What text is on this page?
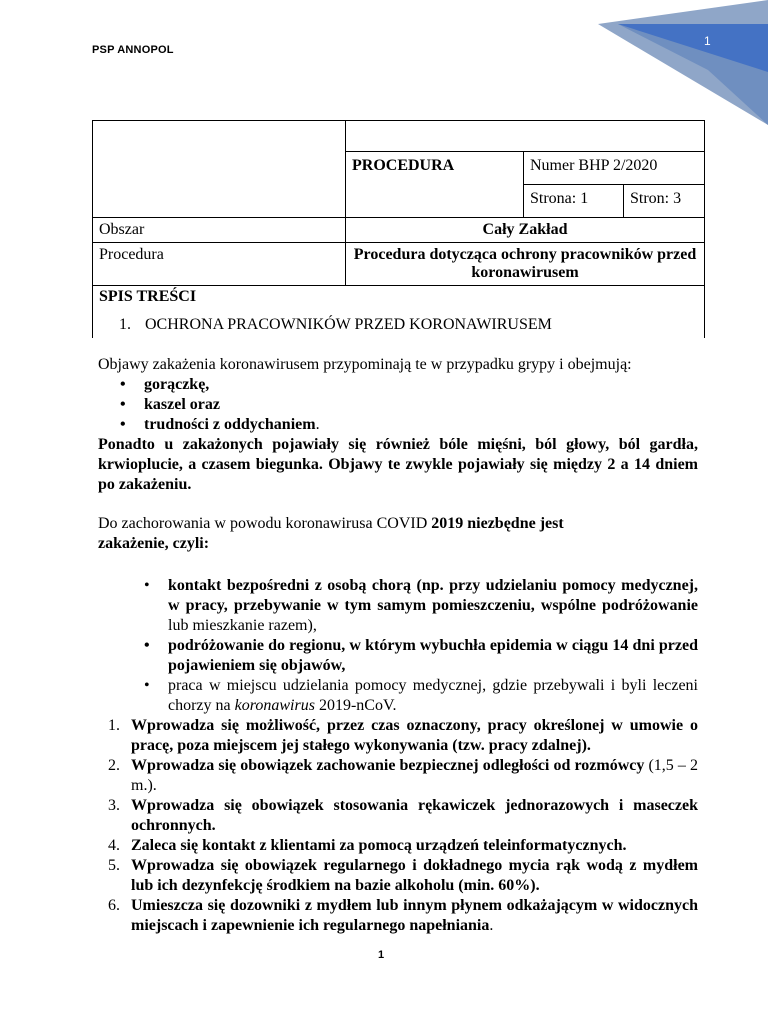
PSP ANNOPOL
1

	PROCEDURA	Numer BHP 2/2020	
		Strona: 1	Stron: 3
Obszar	Cały Zakład		
Procedura	Procedura dotycząca ochrony pracowników przed koronawirusem		

SPIS TREŚCI
1. OCHRONA PRACOWNIKÓW PRZED KORONAWIRUSEM			

Objawy zakażenia koronawirusem przypominają te w przypadku grypy i obejmują:

• gorączkę,
• kaszel oraz
• trudności z oddychaniem.

Ponadto u zakażonych pojawiały się również bóle mięśni, ból głowy, ból gardła, krwioplucie, a czasem biegunka. Objawy te zwykle pojawiały się między 2 a 14 dniem po zakażeniu.

Do zachorowania w powodu koronawirusa COVID 2019 niezbędne jest zakażenie, czyli:

• kontakt bezpośredni z osobą chorą (np. przy udzielaniu pomocy medycznej, w pracy, przebywanie w tym samym pomieszczeniu, wspólne podróżowanie lub mieszkanie razem),
• podróżowanie do regionu, w którym wybuchła epidemia w ciągu 14 dni przed pojawieniem się objawów,
• praca w miejscu udzielania pomocy medycznej, gdzie przebywali i byli leczeni chorzy na koronawirus 2019-nCoV.
1. Wprowadza się możliwość, przez czas oznaczony, pracy określonej w umowie o pracę, poza miejscem jej stałego wykonywania (tzw. pracy zdalnej).
2. Wprowadza się obowiązek zachowanie bezpiecznej odległości od rozmówcy (1,5 – 2 m.).
3. Wprowadza się obowiązek stosowania rękawiczek jednorazowych i maseczek ochronnych.
4. Zaleca się kontakt z klientami za pomocą urządzeń teleinformatycznych.
5. Wprowadza się obowiązek regularnego i dokładnego mycia rąk wodą z mydłem lub ich dezynfekcję środkiem na bazie alkoholu (min. 60%).
6. Umieszcza się dozowniki z mydłem lub innym płynem odkażającym w widocznych miejscach i zapewnienie ich regularnego napełniania.
1
